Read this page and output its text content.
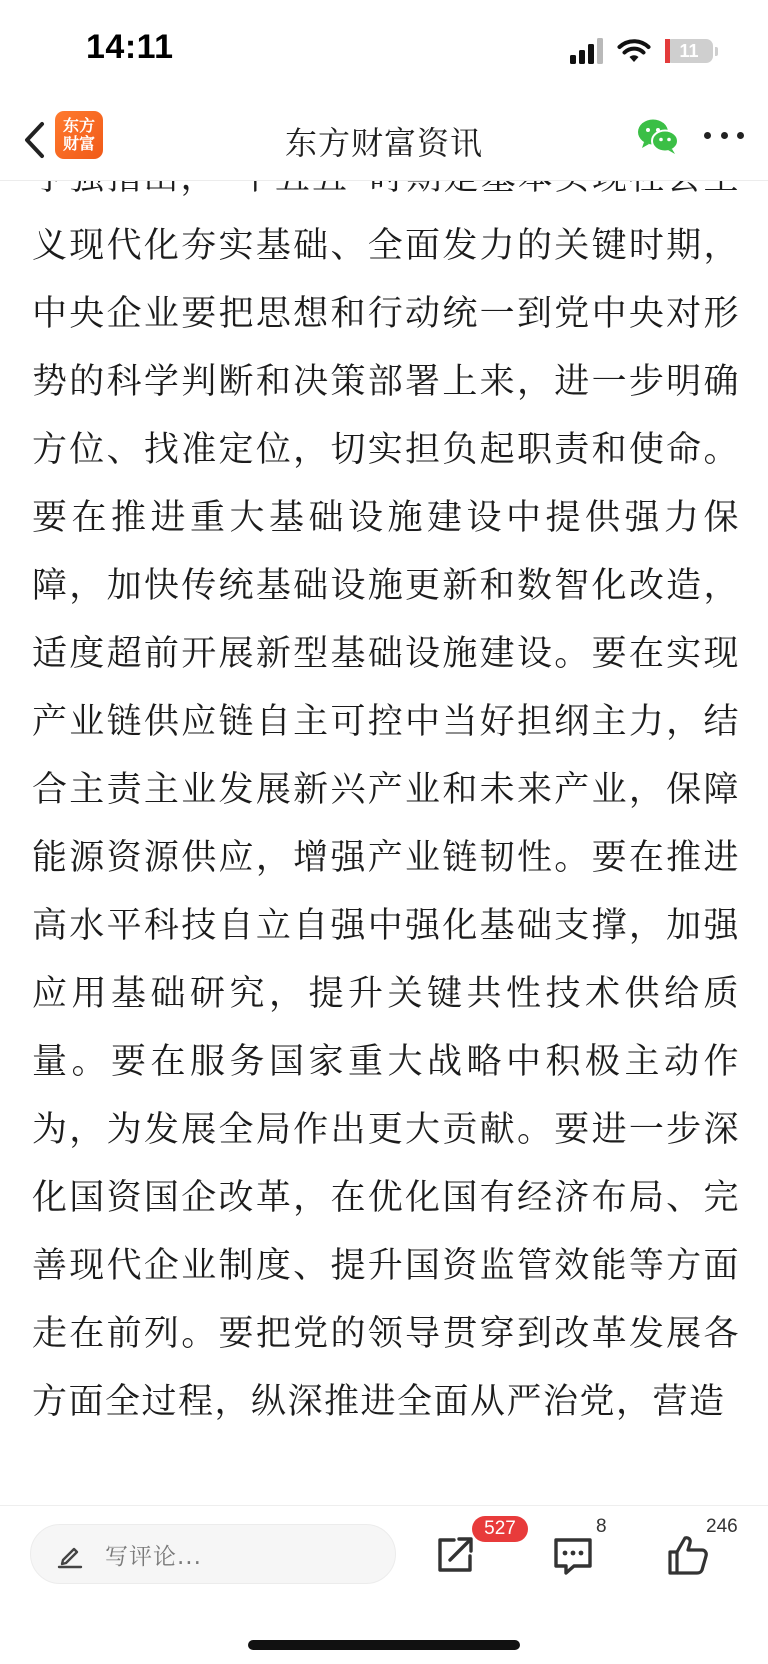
14:11	11
东方
财富	东方财富资讯

义现代化夯实基础、全面发力的关键时期，中央企业要把思想和行动统一到党中央对形势的科学判断和决策部署上来，进一步明确方位、找准定位，切实担负起职责和使命。要在推进重大基础设施建设中提供强力保障，加快传统基础设施更新和数智化改造，适度超前开展新型基础设施建设。要在实现产业链供应链自主可控中当好担纲主力，结合主责主业发展新兴产业和未来产业，保障能源资源供应，增强产业链韧性。要在推进高水平科技自立自强中强化基础支撑，加强应用基础研究，提升关键共性技术供给质量。要在服务国家重大战略中积极主动作为，为发展全局作出更大贡献。要进一步深化国资国企改革，在优化国有经济布局、完善现代企业制度、提升国资监管效能等方面走在前列。要把党的领导贯穿到改革发展各方面全过程，纵深推进全面从严治党，营造

写评论...
527	8	246
